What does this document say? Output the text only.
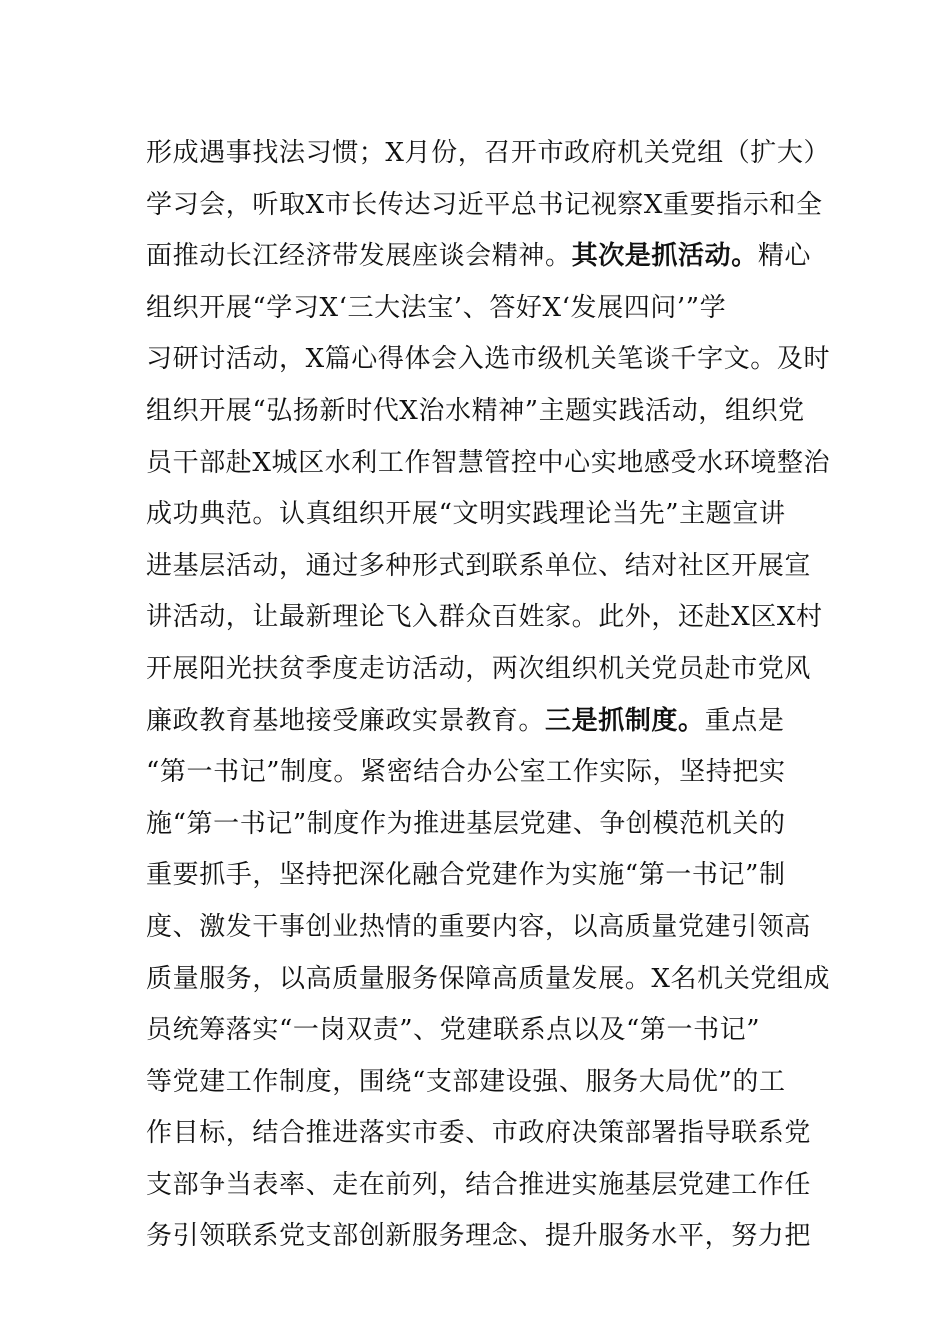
形成遇事找法习惯；X月份，召开市政府机关党组（扩大）
学习会，听取X市长传达习近平总书记视察X重要指示和全
面推动长江经济带发展座谈会精神。其次是抓活动。精心
组织开展“学习X‘三大法宝’、答好X‘发展四问’”学
习研讨活动，X篇心得体会入选市级机关笔谈千字文。及时
组织开展“弘扬新时代X治水精神”主题实践活动，组织党
员干部赴X城区水利工作智慧管控中心实地感受水环境整治
成功典范。认真组织开展“文明实践理论当先”主题宣讲
进基层活动，通过多种形式到联系单位、结对社区开展宣
讲活动，让最新理论飞入群众百姓家。此外，还赴X区X村
开展阳光扶贫季度走访活动，两次组织机关党员赴市党风
廉政教育基地接受廉政实景教育。三是抓制度。重点是
“第一书记”制度。紧密结合办公室工作实际，坚持把实
施“第一书记”制度作为推进基层党建、争创模范机关的
重要抓手，坚持把深化融合党建作为实施“第一书记”制
度、激发干事创业热情的重要内容，以高质量党建引领高
质量服务，以高质量服务保障高质量发展。X名机关党组成
员统筹落实“一岗双责”、党建联系点以及“第一书记”
等党建工作制度，围绕“支部建设强、服务大局优”的工
作目标，结合推进落实市委、市政府决策部署指导联系党
支部争当表率、走在前列，结合推进实施基层党建工作任
务引领联系党支部创新服务理念、提升服务水平，努力把
